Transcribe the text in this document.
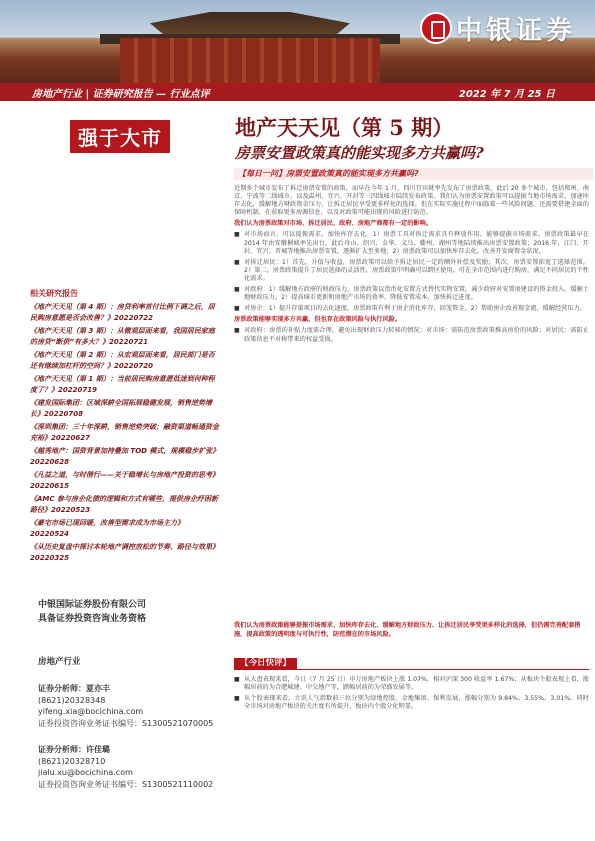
中银证券
房地产行业 | 证券研究报告 — 行业点评	2022 年 7 月 25 日
强于大市	地产天天见（第 5 期）
房票安置政策真的能实现多方共赢吗?
【每日一问】房票安置政策真的能实现多方共赢吗?

近期多个城市发布了拆迁房票安置的政策，而早在今年 1 月，四川宜宾就率先发布了房票政策，此后 20 多个城市，包括郑州、南京、宁波等二线城市，以及温州、宜兴、开封等三四线城市陆续发布政策。我们认为房票安置政策可以提振当地市场需求，加速库存去化，缓解地方财政资金压力，让拆迁居民享受更多样化的选择。但在实际实施过程中面临着一些风险问题，还需要搭建全面的保障机制，在获取更多房源信息、以及对政策可能出现的风险进行防范。

我们认为房票政策对市场、拆迁居民、政府、房地产商都有一定的影响。

■ 对市场而言，可以提振需求，加快库存去化。1）房票工具对拆迁需求具有释放作用，能够提振市场需求。房票政策最早在 2014 年由安徽桐城率先出台，此后舟山、绍兴、金华、义乌、衢州、湖州等地陆续推出房票安置政策；2016 年，江门、开封、宜兴、晋城等地推出房票安置，逐渐扩大至多地；2）房票政策可以加快库存去化，改善开发商资金状况。

■ 对拆迁居民：1）首先，升值与收益，房票政策可以给予拆迁居民一定的额外补偿及奖励；其次，房票安置拓宽了选择范围。2）第二，房票政策提升了居民选择的灵活性，房票政策中明确可以跨区使用，可在全市范围内进行购房，满足不同居民的个性化需求。

■ 对政府：1）缓解地方政府的财政压力，房票政策以货币化安置方式替代实物安置，减少政府对安置房建设的资金投入，缓解土地财政压力。2）提高城市更新和房地产市场的效率，降低安置成本，加快拆迁进度。

■ 对房企：1）提升存量项目的去化速度，房票政策有利于房企消化库存，回笼资金。2）帮助房企改善现金流，缓解经营压力。

房票政策能够实现多方共赢，但也存在政策风险与执行风险。

■ 对政府：房票的补贴力度需合理，避免出现财政压力转移的情况；对市场：需防范房票政策推高房价的风险；对居民：需防止政策信息不对称带来的权益受损。

我们认为房票政策能够提振市场需求、加快库存去化、缓解地方财政压力、让拆迁居民享受更多样化的选择，但仍需完善配套措施，提高政策的透明度与可执行性，防范潜在的市场风险。
【今日快评】

■ 从大盘表现来看，今日（7 月 25 日）申万房地产板块上涨 1.07%，相对沪深 300 收益率 1.67%；从板块个股表现上看，涨幅居前的为合肥城建、中交地产等，跌幅居前的为荣盛发展等。

■ 从个股表现来看，立讯人气指数前三位分别为绿地控股、金地集团、保利发展，涨幅分别为 9.84%、3.55%、3.01%。同时全市场对房地产板块的关注度有所提升，板块内个股分化明显。

相关研究报告
《地产天天见（第 4 期）：房贷利率首付比例下调之后，居民购房意愿是否会改善？》20220722
《地产天天见（第 3 期）：从微观层面来看，我国居民家庭的房贷“断供”有多大？》20220721
《地产天天见（第 2 期）：从宏观层面来看，居民部门是否还有继续加杠杆的空间？》20220720
《地产天天见（第 1 期）：当前居民购房意愿低迷到何种程度了？》20220719
《建发国际集团：区域深耕全国拓展稳健发展，销售逆势增长》20220708
《深圳集团：三十年深耕，销售逆势突破；融资渠道畅通资金充裕》20220627
《越秀地产：国资背景加持叠加 TOD 模式，规模稳步扩张》20220628
《凡益之道，与时偕行——关于稳增长与房地产投资的思考》20220615
《AMC 参与房企化债的逻辑和方式有哪些，提供房企纾困新路径》20220523
《豪宅市场已现回暖，改善型需求成为市场主力》20220524
《从历史复盘中探讨本轮地产调控放松的节奏、路径与效果》20220325
中银国际证券股份有限公司
具备证券投资咨询业务资格
房地产行业
证券分析师：夏亦丰
(8621)20328348
yifeng.xia@bocichina.com
证券投资咨询业务证书编号：S1300521070005
证券分析师：许佳璐
(8621)20328710
jialu.xu@bocichina.com
证券投资咨询业务证书编号：S1300521110002
